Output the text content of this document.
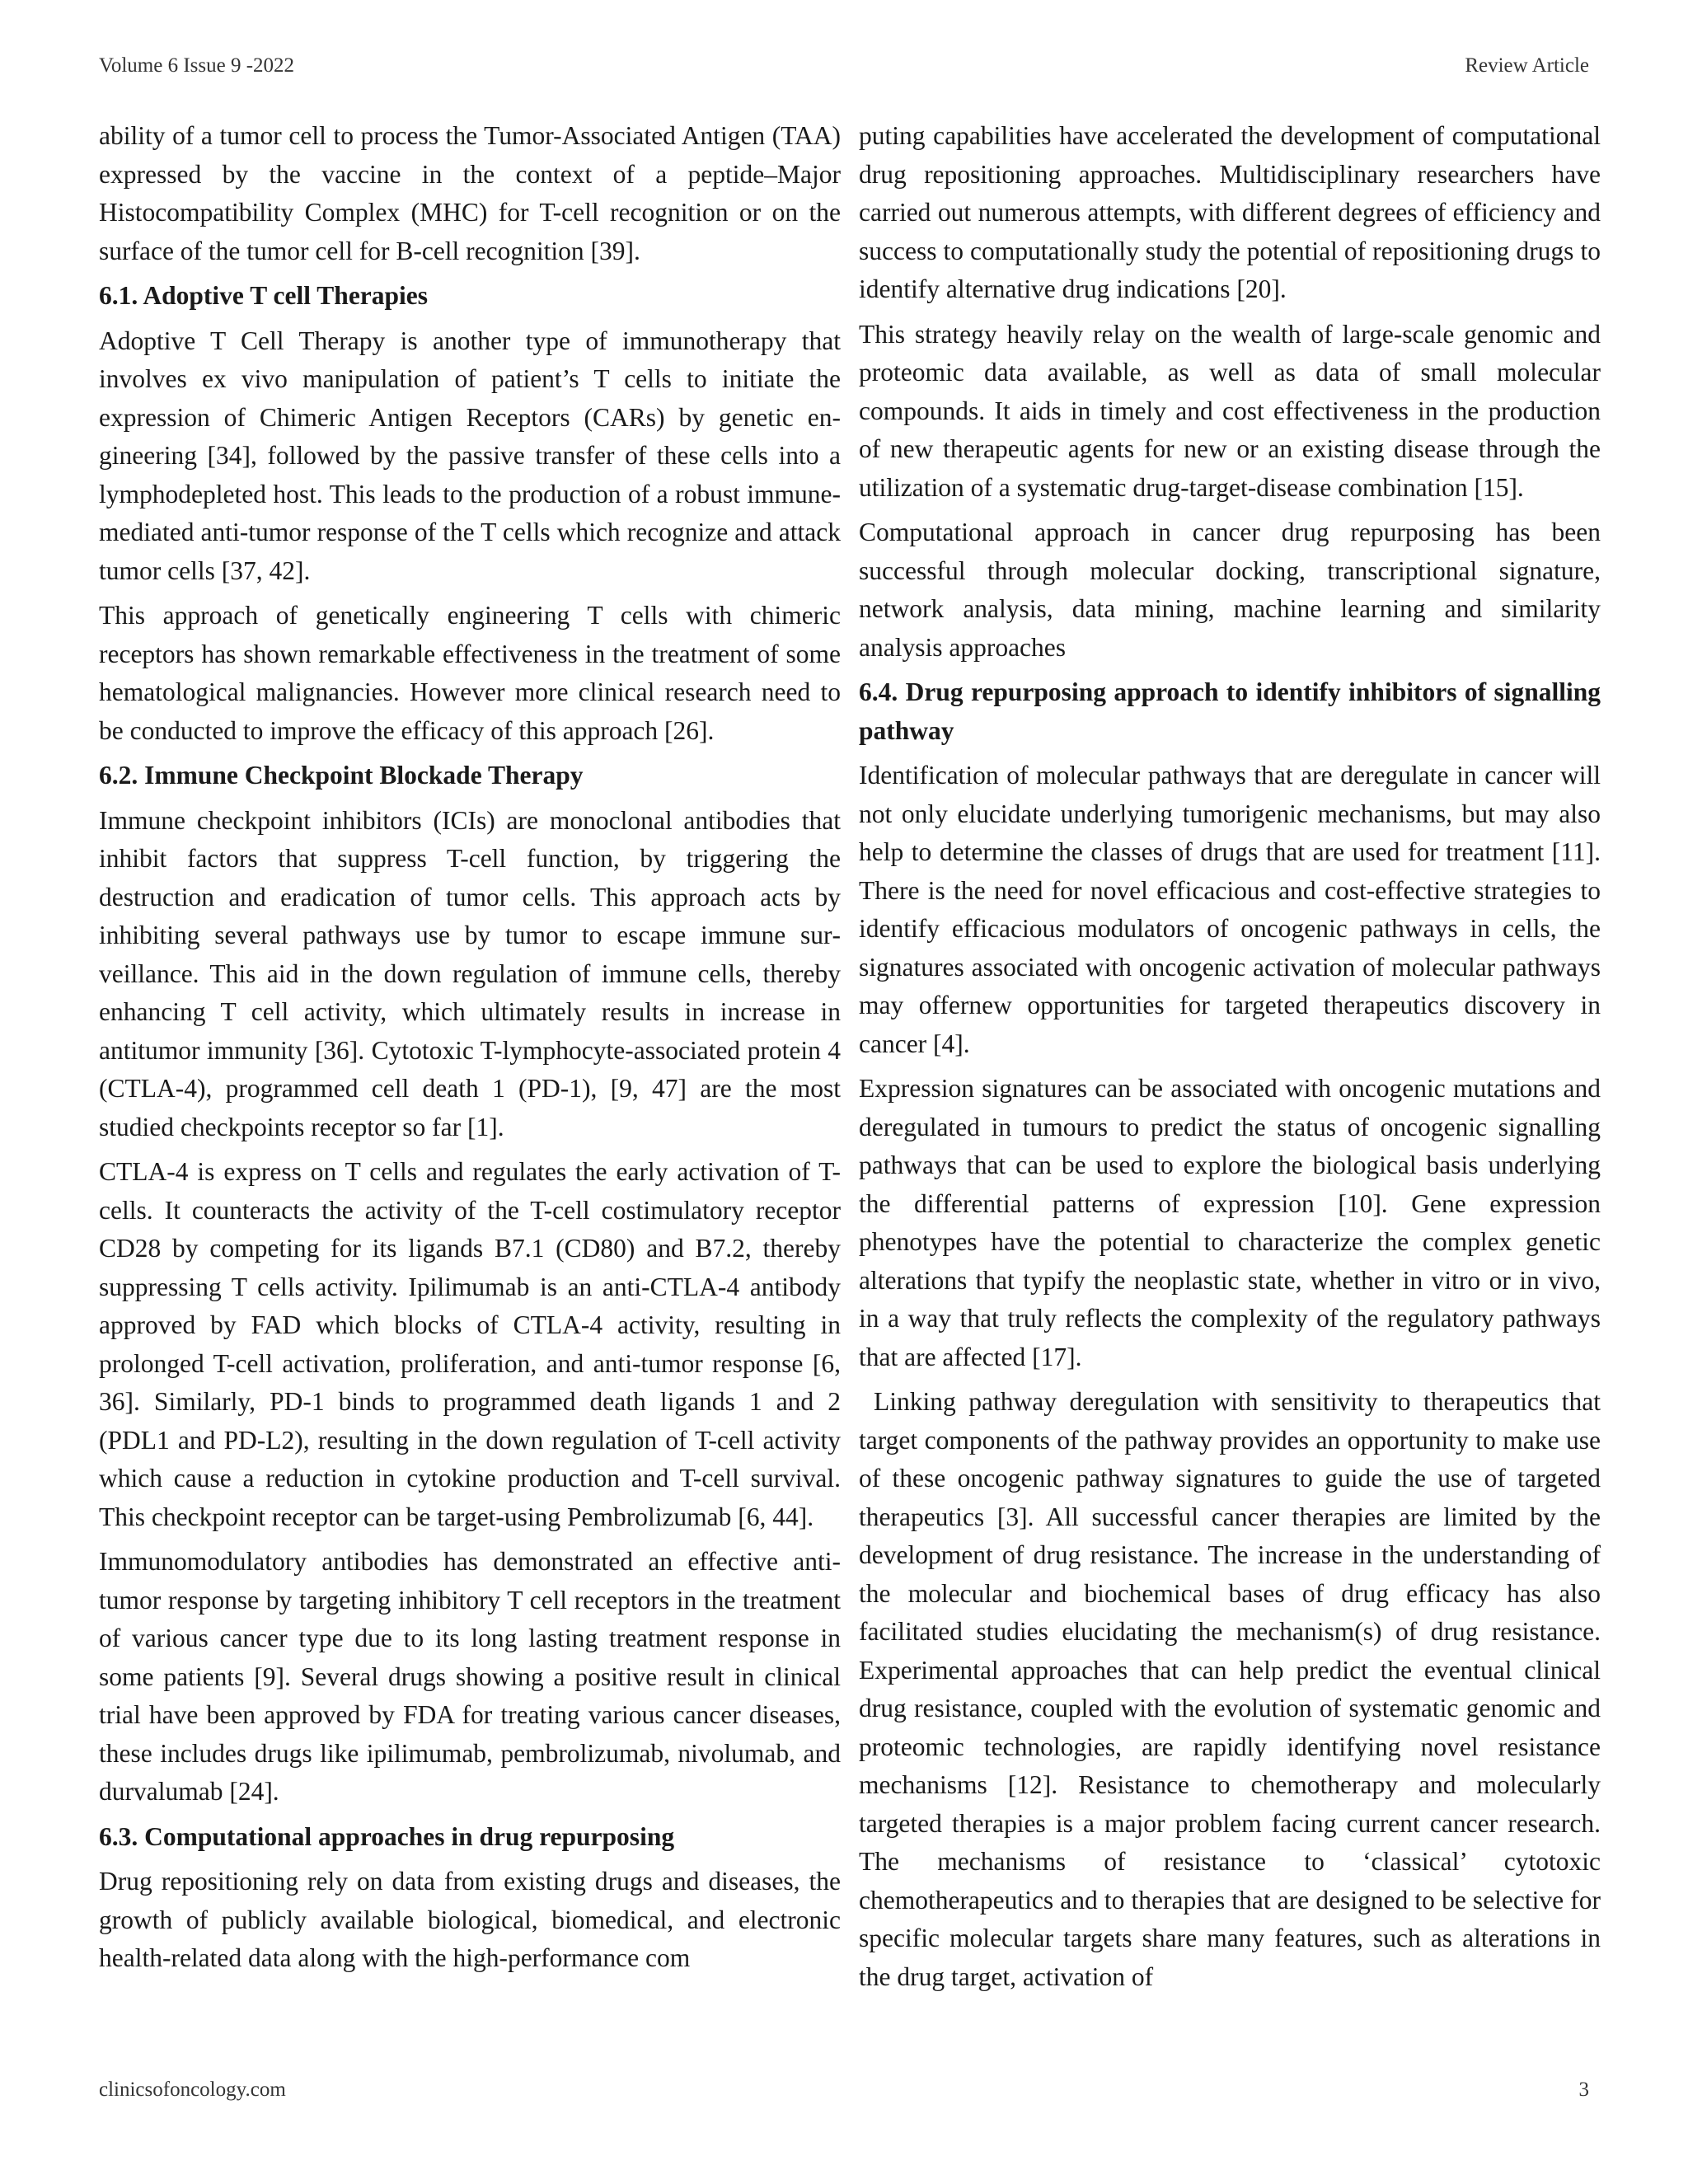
Volume 6 Issue 9 -2022	Review Article

ability of a tumor cell to process the Tumor-Associated Antigen (TAA) expressed by the vaccine in the context of a peptide–Major Histocompatibility Complex (MHC) for T-cell recognition or on the surface of the tumor cell for B-cell recognition [39].

6.1. Adoptive T cell Therapies

Adoptive T Cell Therapy is another type of immunotherapy that involves ex vivo manipulation of patient’s T cells to initiate the expression of Chimeric Antigen Receptors (CARs) by genetic engineering [34], followed by the passive transfer of these cells into a lymphodepleted host. This leads to the production of a robust immune-mediated anti-tumor response of the T cells which recognize and attack tumor cells [37, 42].

This approach of genetically engineering T cells with chimeric receptors has shown remarkable effectiveness in the treatment of some hematological malignancies. However more clinical research need to be conducted to improve the efficacy of this approach [26].

6.2. Immune Checkpoint Blockade Therapy

Immune checkpoint inhibitors (ICIs) are monoclonal antibodies that inhibit factors that suppress T-cell function, by triggering the destruction and eradication of tumor cells. This approach acts by inhibiting several pathways use by tumor to escape immune surveillance. This aid in the down regulation of immune cells, thereby enhancing T cell activity, which ultimately results in increase in antitumor immunity [36]. Cytotoxic T-lymphocyte-associated protein 4 (CTLA-4), programmed cell death 1 (PD-1), [9, 47] are the most studied checkpoints receptor so far [1].

CTLA-4 is express on T cells and regulates the early activation of T-cells. It counteracts the activity of the T-cell costimulatory receptor CD28 by competing for its ligands B7.1 (CD80) and B7.2, thereby suppressing T cells activity. Ipilimumab is an anti-CTLA-4 antibody approved by FAD which blocks of CTLA-4 activity, resulting in prolonged T-cell activation, proliferation, and anti-tumor response [6, 36]. Similarly, PD-1 binds to programmed death ligands 1 and 2 (PDL1 and PD-L2), resulting in the down regulation of T-cell activity which cause a reduction in cytokine production and T-cell survival. This checkpoint receptor can be target-using Pembrolizumab [6, 44].

Immunomodulatory antibodies has demonstrated an effective anti-tumor response by targeting inhibitory T cell receptors in the treatment of various cancer type due to its long lasting treatment response in some patients [9]. Several drugs showing a positive result in clinical trial have been approved by FDA for treating various cancer diseases, these includes drugs like ipilimumab, pembrolizumab, nivolumab, and durvalumab [24].

6.3. Computational approaches in drug repurposing

Drug repositioning rely on data from existing drugs and diseases, the growth of publicly available biological, biomedical, and electronic health-related data along with the high-performance com

puting capabilities have accelerated the development of computational drug repositioning approaches. Multidisciplinary researchers have carried out numerous attempts, with different degrees of efficiency and success to computationally study the potential of repositioning drugs to identify alternative drug indications [20].

This strategy heavily relay on the wealth of large-scale genomic and proteomic data available, as well as data of small molecular compounds. It aids in timely and cost effectiveness in the production of new therapeutic agents for new or an existing disease through the utilization of a systematic drug-target-disease combination [15].

Computational approach in cancer drug repurposing has been successful through molecular docking, transcriptional signature, network analysis, data mining, machine learning and similarity analysis approaches

6.4. Drug repurposing approach to identify inhibitors of signalling pathway

Identification of molecular pathways that are deregulate in cancer will not only elucidate underlying tumorigenic mechanisms, but may also help to determine the classes of drugs that are used for treatment [11]. There is the need for novel efficacious and cost-effective strategies to identify efficacious modulators of oncogenic pathways in cells, the signatures associated with oncogenic activation of molecular pathways may offernew opportunities for targeted therapeutics discovery in cancer [4].

Expression signatures can be associated with oncogenic mutations and deregulated in tumours to predict the status of oncogenic signalling pathways that can be used to explore the biological basis underlying the differential patterns of expression [10]. Gene expression phenotypes have the potential to characterize the complex genetic alterations that typify the neoplastic state, whether in vitro or in vivo, in a way that truly reflects the complexity of the regulatory pathways that are affected [17].

Linking pathway deregulation with sensitivity to therapeutics that target components of the pathway provides an opportunity to make use of these oncogenic pathway signatures to guide the use of targeted therapeutics [3]. All successful cancer therapies are limited by the development of drug resistance. The increase in the understanding of the molecular and biochemical bases of drug efficacy has also facilitated studies elucidating the mechanism(s) of drug resistance. Experimental approaches that can help predict the eventual clinical drug resistance, coupled with the evolution of systematic genomic and proteomic technologies, are rapidly identifying novel resistance mechanisms [12]. Resistance to chemotherapy and molecularly targeted therapies is a major problem facing current cancer research. The mechanisms of resistance to ‘classical’ cytotoxic chemotherapeutics and to therapies that are designed to be selective for specific molecular targets share many features, such as alterations in the drug target, activation of

clinicsofoncology.com	3
